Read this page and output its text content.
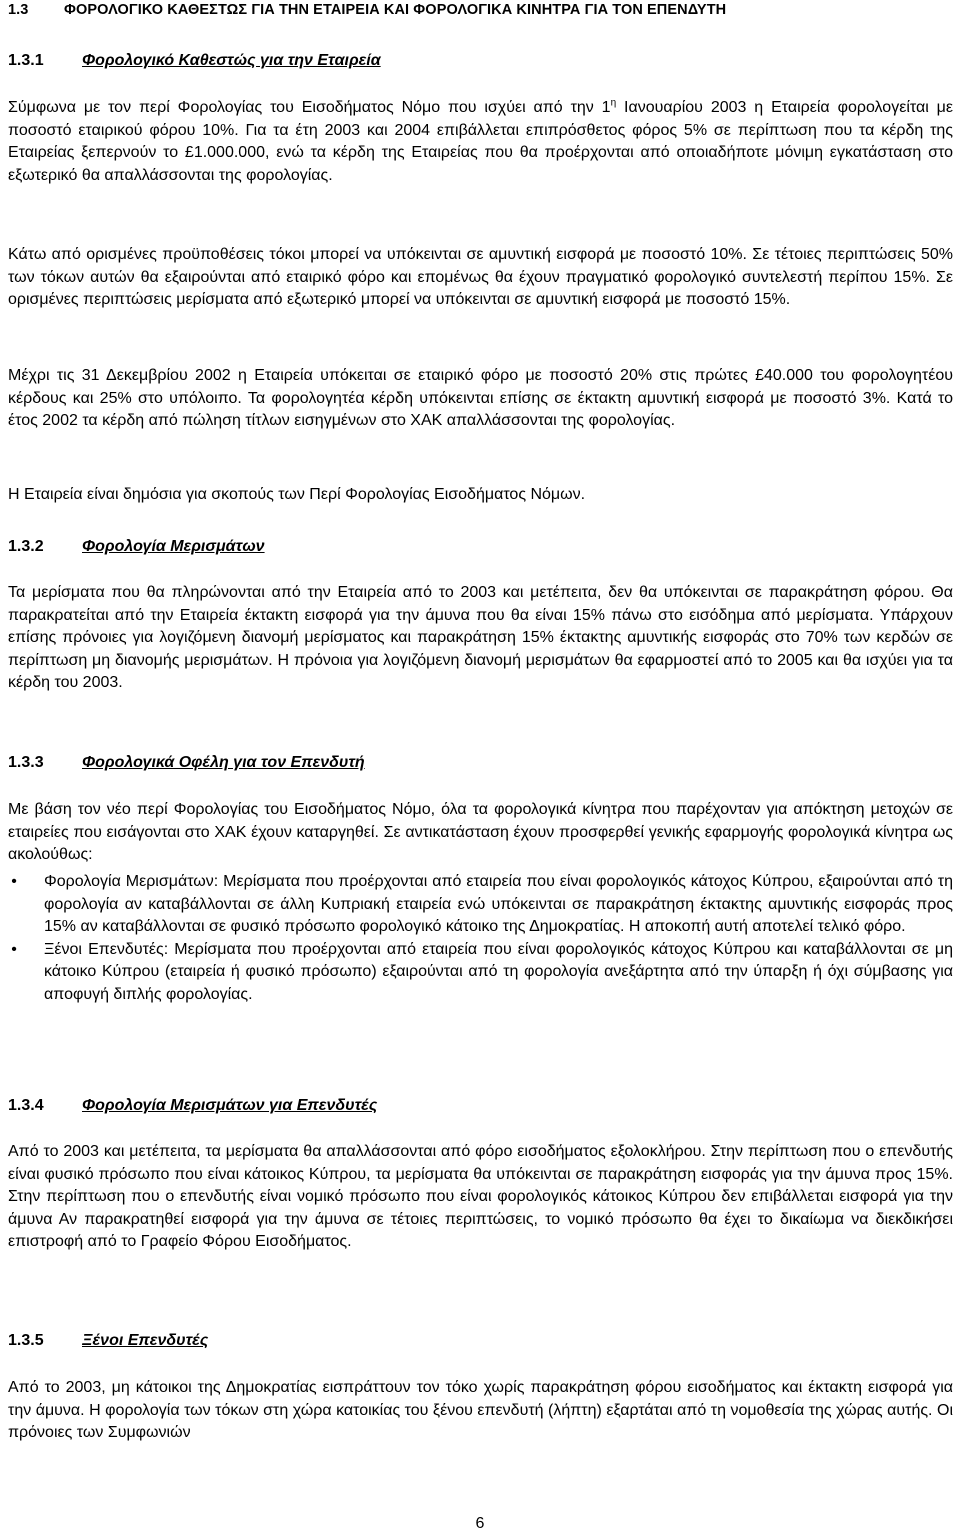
1.3 ΦΟΡΟΛΟΓΙΚΟ ΚΑΘΕΣΤΩΣ ΓΙΑ ΤΗΝ ΕΤΑΙΡΕΙΑ ΚΑΙ ΦΟΡΟΛΟΓΙΚΑ ΚΙΝΗΤΡΑ ΓΙΑ ΤΟΝ ΕΠΕΝΔΥΤΗ
1.3.1 Φορολογικό Καθεστώς για την Εταιρεία

Σύμφωνα με τον περί Φορολογίας του Εισοδήματος Νόμο που ισχύει από την $1^\eta$ Ιανουαρίου 2003 η Εταιρεία φορολογείται με ποσοστό εταιρικού φόρου 10%. Για τα έτη 2003 και 2004 επιβάλλεται επιπρόσθετος φόρος 5% σε περίπτωση που τα κέρδη της Εταιρείας ξεπερνούν το £1.000.000, ενώ τα κέρδη της Εταιρείας που θα προέρχονται από οποιαδήποτε μόνιμη εγκατάσταση στο εξωτερικό θα απαλλάσσονται της φορολογίας.

Κάτω από ορισμένες προϋποθέσεις τόκοι μπορεί να υπόκεινται σε αμυντική εισφορά με ποσοστό 10%. Σε τέτοιες περιπτώσεις 50% των τόκων αυτών θα εξαιρούνται από εταιρικό φόρο και επομένως θα έχουν πραγματικό φορολογικό συντελεστή περίπου 15%. Σε ορισμένες περιπτώσεις μερίσματα από εξωτερικό μπορεί να υπόκεινται σε αμυντική εισφορά με ποσοστό 15%.

Μέχρι τις 31 Δεκεμβρίου 2002 η Εταιρεία υπόκειται σε εταιρικό φόρο με ποσοστό 20% στις πρώτες £40.000 του φορολογητέου κέρδους και 25% στο υπόλοιπο. Τα φορολογητέα κέρδη υπόκεινται επίσης σε έκτακτη αμυντική εισφορά με ποσοστό 3%. Κατά το έτος 2002 τα κέρδη από πώληση τίτλων εισηγμένων στο ΧΑΚ απαλλάσσονται της φορολογίας.

Η Εταιρεία είναι δημόσια για σκοπούς των Περί Φορολογίας Εισοδήματος Νόμων.

1.3.2 Φορολογία Μερισμάτων

Τα μερίσματα που θα πληρώνονται από την Εταιρεία από το 2003 και μετέπειτα, δεν θα υπόκεινται σε παρακράτηση φόρου. Θα παρακρατείται από την Εταιρεία έκτακτη εισφορά για την άμυνα που θα είναι 15% πάνω στο εισόδημα από μερίσματα. Υπάρχουν επίσης πρόνοιες για λογιζόμενη διανομή μερίσματος και παρακράτηση 15% έκτακτης αμυντικής εισφοράς στο 70% των κερδών σε περίπτωση μη διανομής μερισμάτων. Η πρόνοια για λογιζόμενη διανομή μερισμάτων θα εφαρμοστεί από το 2005 και θα ισχύει για τα κέρδη του 2003.

1.3.3 Φορολογικά Οφέλη για τον Επενδυτή

Με βάση τον νέο περί Φορολογίας του Εισοδήματος Νόμο, όλα τα φορολογικά κίνητρα που παρέχονταν για απόκτηση μετοχών σε εταιρείες που εισάγονται στο ΧΑΚ έχουν καταργηθεί. Σε αντικατάσταση έχουν προσφερθεί γενικής εφαρμογής φορολογικά κίνητρα ως ακολούθως:

• Φορολογία Μερισμάτων: Μερίσματα που προέρχονται από εταιρεία που είναι φορολογικός κάτοχος Κύπρου, εξαιρούνται από τη φορολογία αν καταβάλλονται σε άλλη Κυπριακή εταιρεία ενώ υπόκεινται σε παρακράτηση έκτακτης αμυντικής εισφοράς προς 15% αν καταβάλλονται σε φυσικό πρόσωπο φορολογικό κάτοικο της Δημοκρατίας. Η αποκοπή αυτή αποτελεί τελικό φόρο.
• Ξένοι Επενδυτές: Μερίσματα που προέρχονται από εταιρεία που είναι φορολογικός κάτοχος Κύπρου και καταβάλλονται σε μη κάτοικο Κύπρου (εταιρεία ή φυσικό πρόσωπο) εξαιρούνται από τη φορολογία ανεξάρτητα από την ύπαρξη ή όχι σύμβασης για αποφυγή διπλής φορολογίας.
1.3.4 Φορολογία Μερισμάτων για Επενδυτές

Από το 2003 και μετέπειτα, τα μερίσματα θα απαλλάσσονται από φόρο εισοδήματος εξολοκλήρου. Στην περίπτωση που ο επενδυτής είναι φυσικό πρόσωπο που είναι κάτοικος Κύπρου, τα μερίσματα θα υπόκεινται σε παρακράτηση εισφοράς για την άμυνα προς 15%. Στην περίπτωση που ο επενδυτής είναι νομικό πρόσωπο που είναι φορολογικός κάτοικος Κύπρου δεν επιβάλλεται εισφορά για την άμυνα Αν παρακρατηθεί εισφορά για την άμυνα σε τέτοιες περιπτώσεις, το νομικό πρόσωπο θα έχει το δικαίωμα να διεκδικήσει επιστροφή από το Γραφείο Φόρου Εισοδήματος.

1.3.5 Ξένοι Επενδυτές

Από το 2003, μη κάτοικοι της Δημοκρατίας εισπράττουν τον τόκο χωρίς παρακράτηση φόρου εισοδήματος και έκτακτη εισφορά για την άμυνα. Η φορολογία των τόκων στη χώρα κατοικίας του ξένου επενδυτή (λήπτη) εξαρτάται από τη νομοθεσία της χώρας αυτής. Οι πρόνοιες των Συμφωνιών

6
